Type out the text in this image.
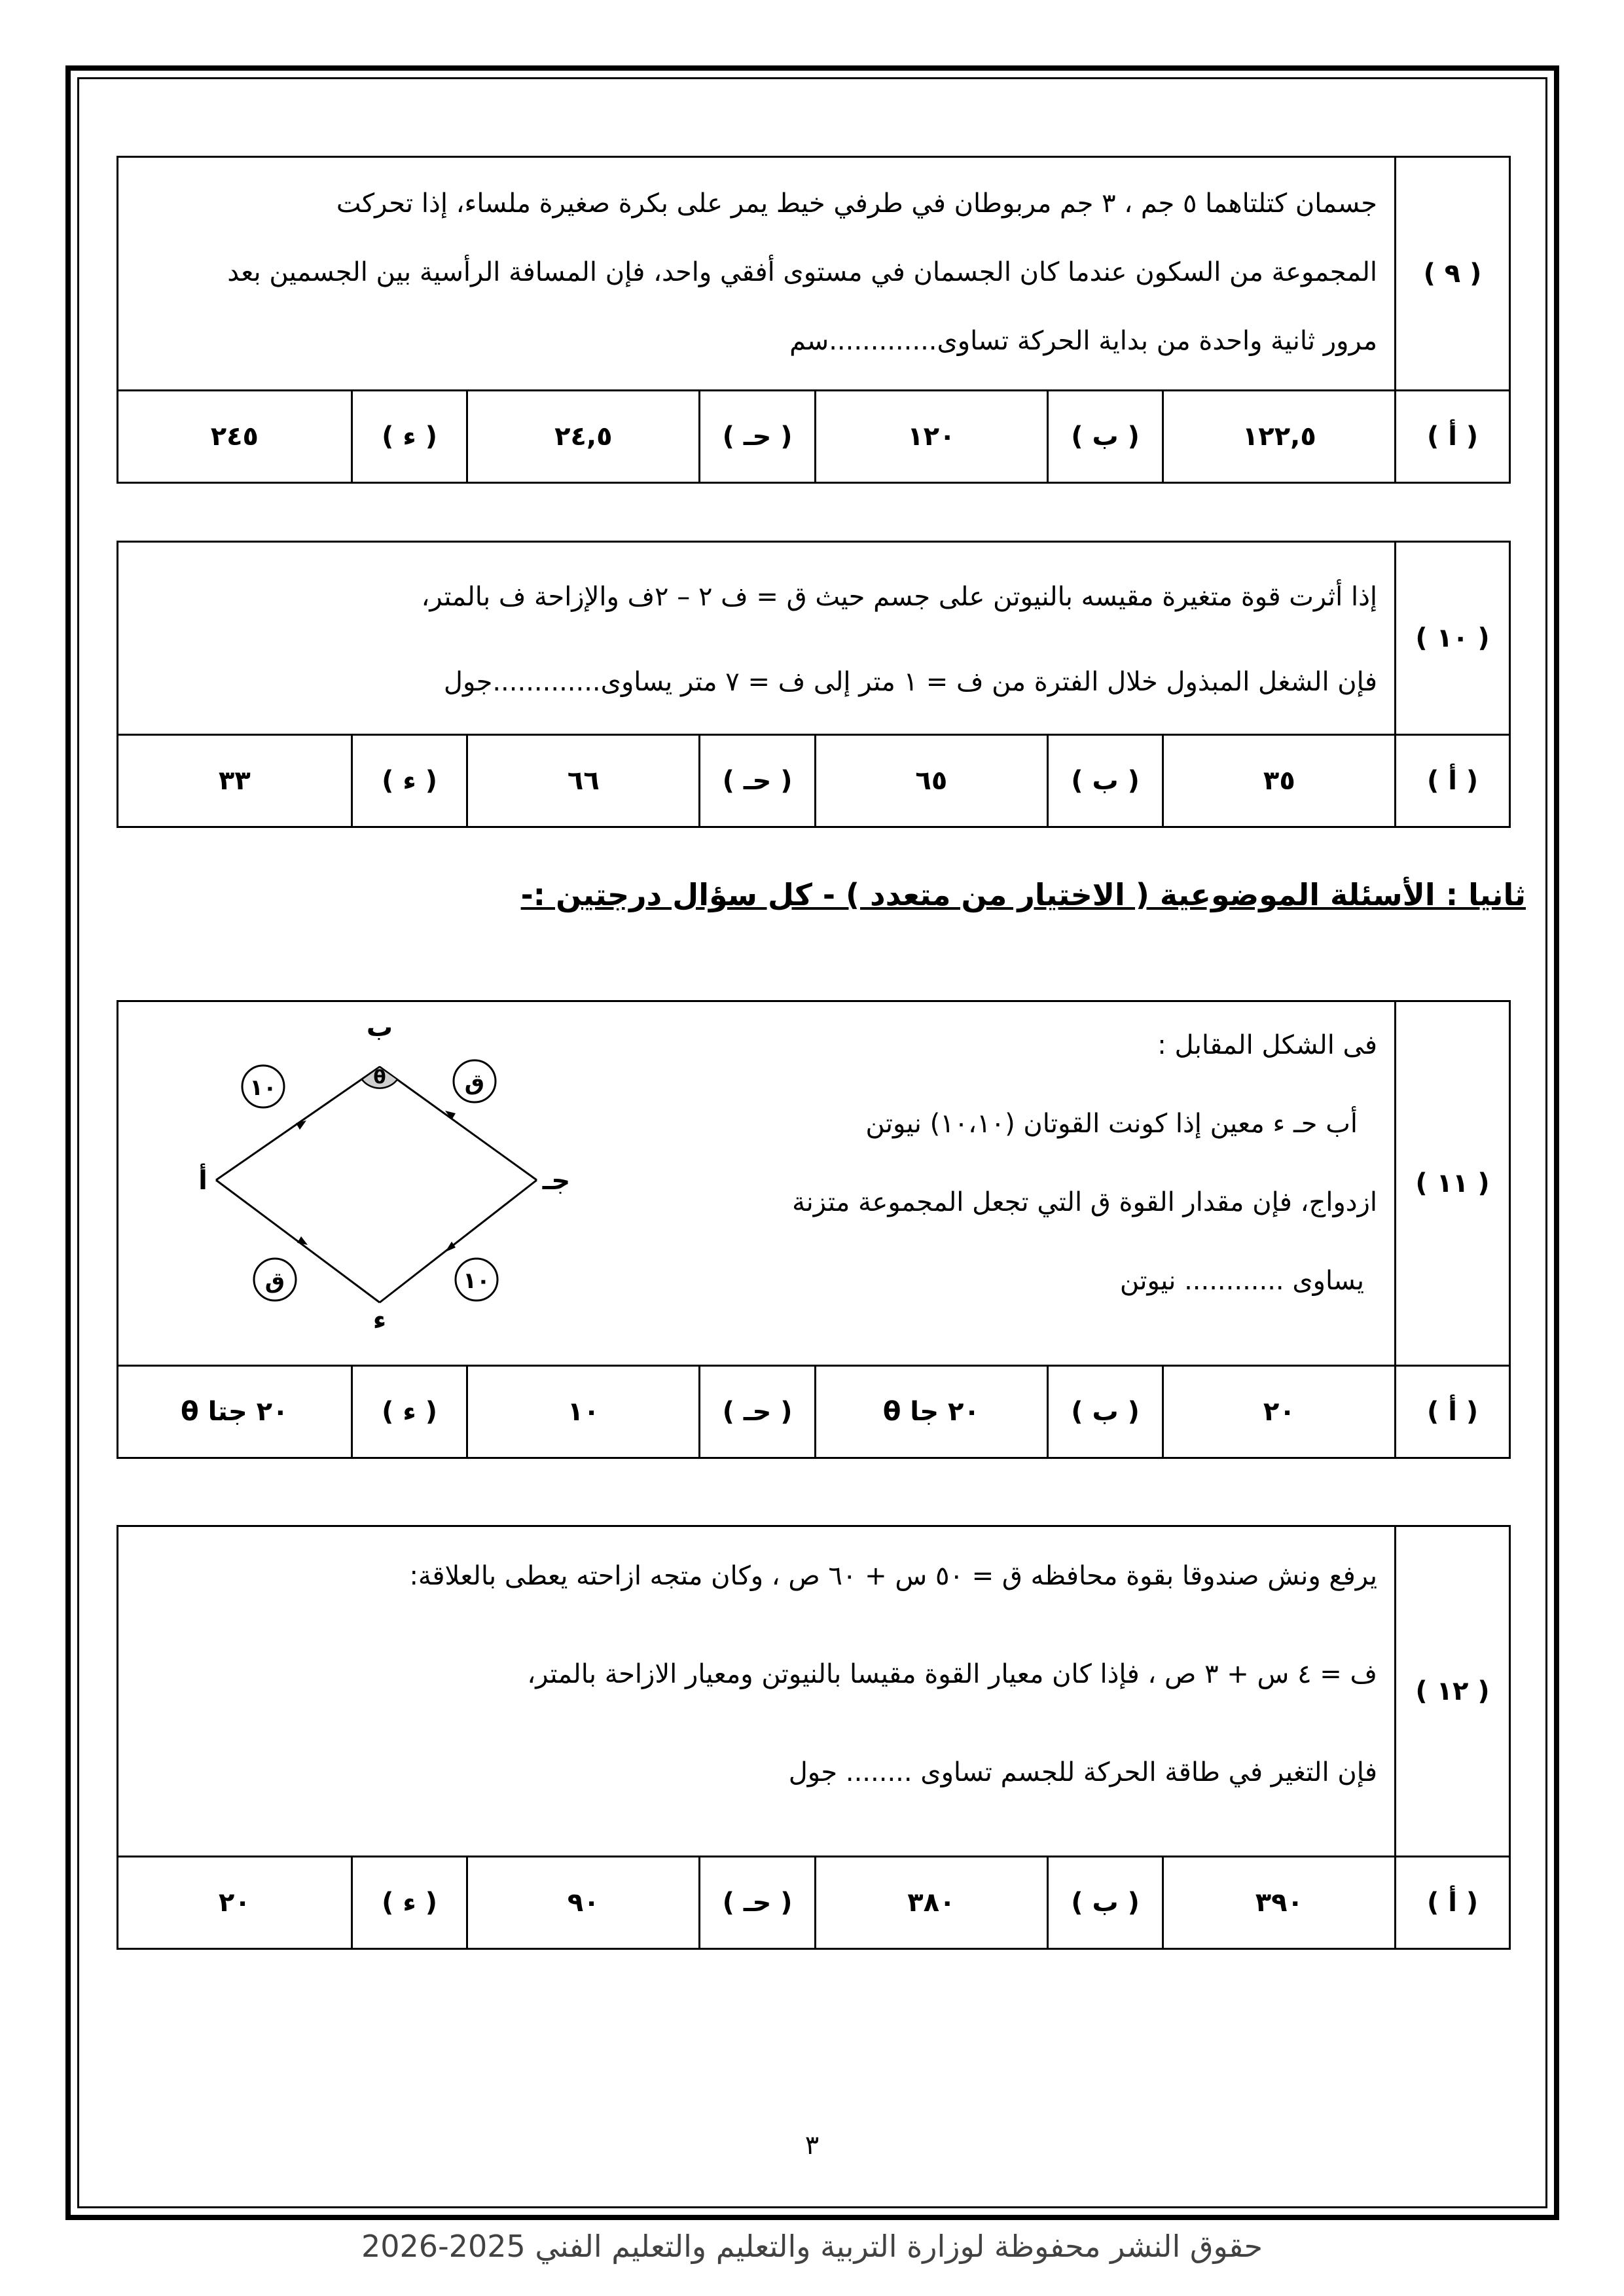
( ٩ )

جسمان كتلتاهما ٥ جم ، ٣ جم مربوطان في طرفي خيط يمر على بكرة صغيرة ملساء، إذا تحركت

المجموعة من السكون عندما كان الجسمان في مستوى أفقي واحد، فإن المسافة الرأسية بين الجسمين بعد

مرور ثانية واحدة من بداية الحركة تساوى.............سم

( أ )
١٢٢,٥
( ب )
١٢٠
( حـ )
٢٤,٥
( ء )
٢٤٥
( ١٠ )

إذا أثرت قوة متغيرة مقيسه بالنيوتن على جسم حيث ق = ف ٢ – ٢ف والإزاحة ف بالمتر،

فإن الشغل المبذول خلال الفترة من ف = ١ متر إلى ف = ٧ متر يساوى.............جول

( أ )
٣٥
( ب )
٦٥
( حـ )
٦٦
( ء )
٣٣
ثانيا : الأسئلة الموضوعية ( الاختيار من متعدد ) - كل سؤال درجتين :-
( ١١ )

فى الشكل المقابل :

أب حـ ء معين إذا كونت القوتان (١٠،١٠) نيوتن

ازدواج، فإن مقدار القوة ق التي تجعل المجموعة متزنة

يساوى ............ نيوتن

( أ )
٢٠
( ب )
٢٠ جا θ
( حـ )
١٠
( ء )
٢٠ جتا θ
أ
ب
جـ
ء
θ
١٠	ق
ق	١٠
( ١٢ )

يرفع ونش صندوقا بقوة محافظه ق = ٥٠ س + ٦٠ ص ، وكان متجه ازاحته يعطى بالعلاقة:

ف = ٤ س + ٣ ص ، فإذا كان معيار القوة مقيسا بالنيوتن ومعيار الازاحة بالمتر،

فإن التغير في طاقة الحركة للجسم تساوى ........ جول

( أ )
٣٩٠
( ب )
٣٨٠
( حـ )
٩٠
( ء )
٢٠
٣
حقوق النشر محفوظة لوزارة التربية والتعليم والتعليم الفني 2025-2026
